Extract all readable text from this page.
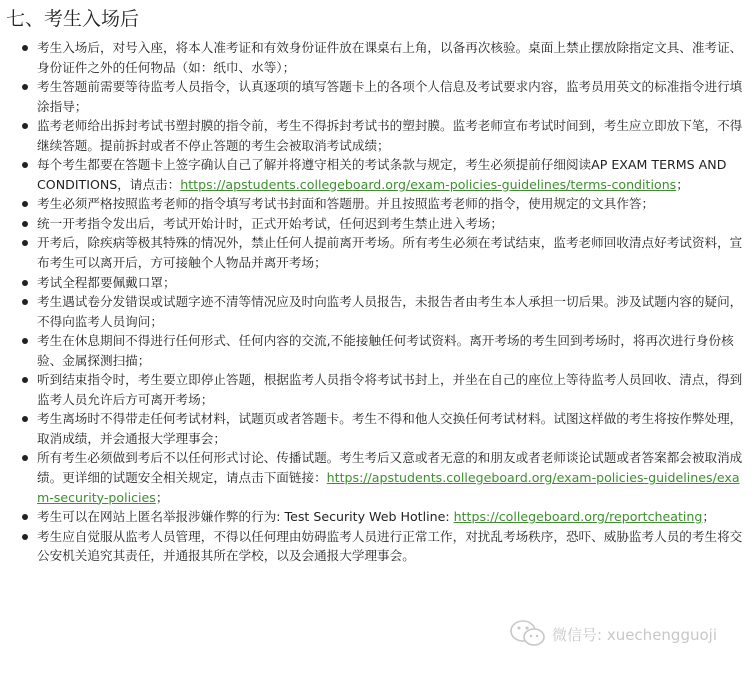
七、考生入场后
考生入场后，对号入座，将本人准考证和有效身份证件放在课桌右上角，以备再次核验。桌面上禁止摆放除指定文具、准考证、身份证件之外的任何物品（如：纸巾、水等）；
考生答题前需要等待监考人员指令，认真逐项的填写答题卡上的各项个人信息及考试要求内容，监考员用英文的标准指令进行填涂指导；
监考老师给出拆封考试书塑封膜的指令前，考生不得拆封考试书的塑封膜。监考老师宣布考试时间到，考生应立即放下笔，不得继续答题。提前拆封或者不停止答题的考生会被取消考试成绩；
每个考生都要在答题卡上签字确认自己了解并将遵守相关的考试条款与规定，考生必须提前仔细阅读AP EXAM TERMS AND CONDITIONS，请点击：https://apstudents.collegeboard.org/exam-policies-guidelines/terms-conditions；
考生必须严格按照监考老师的指令填写考试书封面和答题册。并且按照监考老师的指令，使用规定的文具作答；
统一开考指令发出后，考试开始计时，正式开始考试，任何迟到考生禁止进入考场；
开考后，除疾病等极其特殊的情况外，禁止任何人提前离开考场。所有考生必须在考试结束，监考老师回收清点好考试资料，宣布考生可以离开后，方可接触个人物品并离开考场；
考试全程都要佩戴口罩；
考生遇试卷分发错误或试题字迹不清等情况应及时向监考人员报告，未报告者由考生本人承担一切后果。涉及试题内容的疑问，不得向监考人员询问；
考生在休息期间不得进行任何形式、任何内容的交流,不能接触任何考试资料。离开考场的考生回到考场时，将再次进行身份核验、金属探测扫描；
听到结束指令时，考生要立即停止答题，根据监考人员指令将考试书封上，并坐在自己的座位上等待监考人员回收、清点，得到监考人员允许后方可离开考场；
考生离场时不得带走任何考试材料，试题页或者答题卡。考生不得和他人交换任何考试材料。试图这样做的考生将按作弊处理，取消成绩，并会通报大学理事会；
所有考生必须做到考后不以任何形式讨论、传播试题。考生考后又意或者无意的和朋友或者老师谈论试题或者答案都会被取消成绩。更详细的试题安全相关规定，请点击下面链接：https://apstudents.collegeboard.org/exam-policies-guidelines/exam-security-policies；
考生可以在网站上匿名举报涉嫌作弊的行为: Test Security Web Hotline: https://collegeboard.org/reportcheating；
考生应自觉服从监考人员管理，不得以任何理由妨碍监考人员进行正常工作，对扰乱考场秩序，恐吓、威胁监考人员的考生将交公安机关追究其责任，并通报其所在学校，以及会通报大学理事会。
微信号: xuechengguoji
